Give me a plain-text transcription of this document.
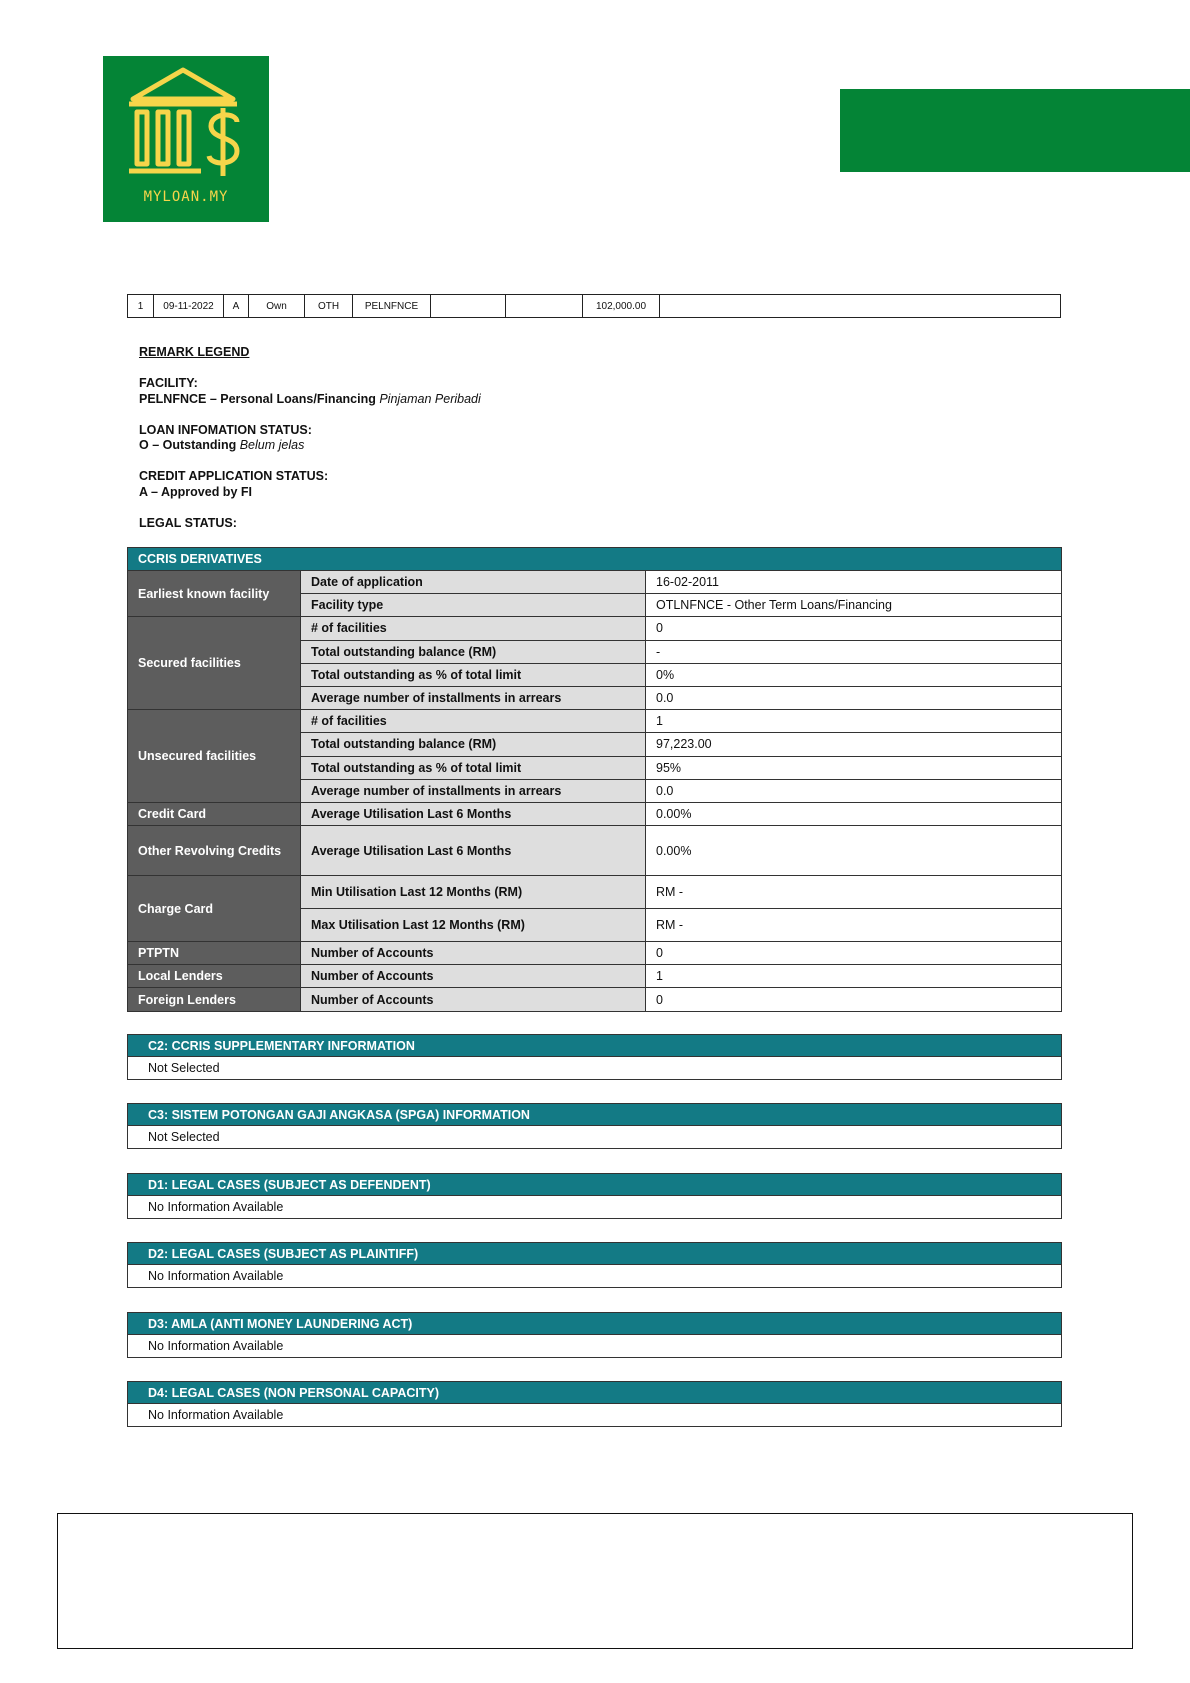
MYLOAN.MY
1	09-11-2022	A	Own	OTH	PELNFNCE	102,000.00
REMARK LEGEND
FACILITY:
PELNFNCE – Personal Loans/Financing Pinjaman Peribadi
LOAN INFOMATION STATUS:
O – Outstanding Belum jelas
CREDIT APPLICATION STATUS:
A – Approved by FI
LEGAL STATUS:
CCRIS DERIVATIVES		
Earliest known facility	Date of application	16-02-2011
	Facility type	OTLNFNCE - Other Term Loans/Financing
Secured facilities	# of facilities	0
	Total outstanding balance (RM)	-
	Total outstanding as % of total limit	0%
	Average number of installments in arrears	0.0
Unsecured facilities	# of facilities	1
	Total outstanding balance (RM)	97,223.00
	Total outstanding as % of total limit	95%
	Average number of installments in arrears	0.0
Credit Card	Average Utilisation Last 6 Months	0.00%
Other Revolving Credits	Average Utilisation Last 6 Months	0.00%
Charge Card	Min Utilisation Last 12 Months (RM)	RM -
	Max Utilisation Last 12 Months (RM)	RM -
PTPTN	Number of Accounts	0
Local Lenders	Number of Accounts	1
Foreign Lenders	Number of Accounts	0
C2: CCRIS SUPPLEMENTARY INFORMATION
Not Selected
C3: SISTEM POTONGAN GAJI ANGKASA (SPGA) INFORMATION
Not Selected
D1: LEGAL CASES (SUBJECT AS DEFENDENT)
No Information Available
D2: LEGAL CASES (SUBJECT AS PLAINTIFF)
No Information Available
D3: AMLA (ANTI MONEY LAUNDERING ACT)
No Information Available
D4: LEGAL CASES (NON PERSONAL CAPACITY)
No Information Available
